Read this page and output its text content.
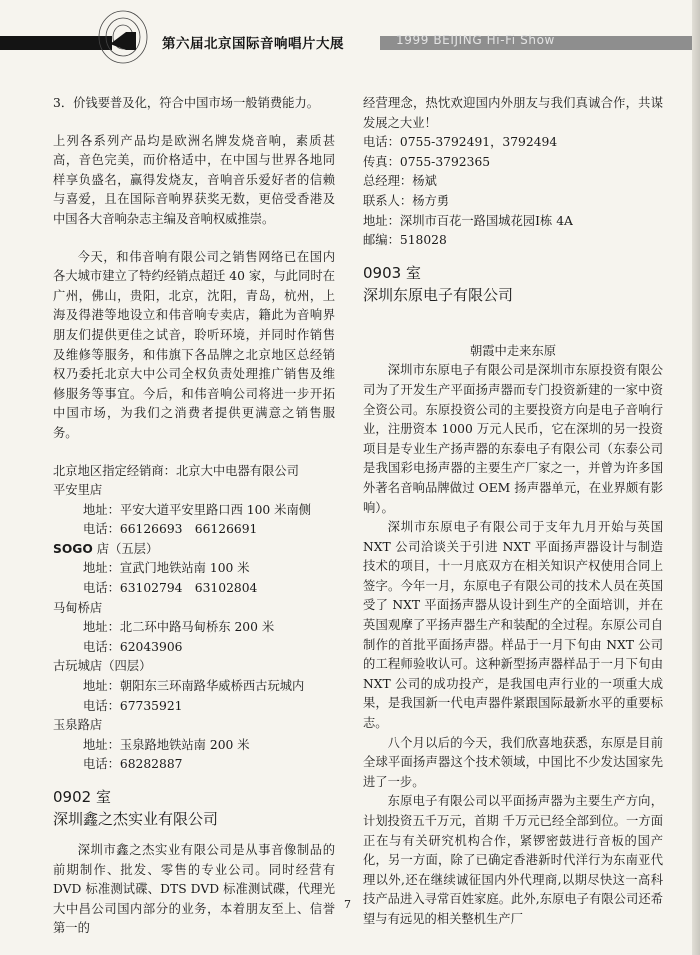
第六届北京国际音响唱片大展	1999 BEIJING Hi-Fi Show

3．价钱要普及化，符合中国市场一般销费能力。

上列各系列产品均是欧洲名牌发烧音响，素质甚高，音色完美，而价格适中，在中国与世界各地同样享负盛名，赢得发烧友，音响音乐爱好者的信赖与喜爱，且在国际音响界获奖无数，更倍受香港及中国各大音响杂志主编及音响权威推崇。

今天，和伟音响有限公司之销售网络已在国内各大城市建立了特约经销点超迁 40 家，与此同时在广州，佛山，贵阳，北京，沈阳，青岛，杭州，上海及得港等地设立和伟音响专卖店，籍此为音响界朋友们提供更佳之试音，聆听环境，并同时作销售及维修等服务，和伟旗下各品牌之北京地区总经销权乃委托北京大中公司全权负责处理推广销售及维修服务等事宜。今后，和伟音响公司将进一步开拓中国市场，为我们之消费者提供更满意之销售服务。

北京地区指定经销商：北京大中电器有限公司

平安里店

地址：平安大道平安里路口西 100 米南侧

电话：66126693　66126691

SOGO 店（五层）

地址：宣武门地铁站南 100 米

电话：63102794　63102804

马甸桥店

地址：北二环中路马甸桥东 200 米

电话：62043906

古玩城店（四层）

地址：朝阳东三环南路华威桥西古玩城内

电话：67735921

玉泉路店

地址：玉泉路地铁站南 200 米

电话：68282887

0902 室

深圳鑫之杰实业有限公司

深圳市鑫之杰实业有限公司是从事音像制品的前期制作、批发、零售的专业公司。同时经营有 DVD 标准测试碟、DTS DVD 标准测试碟，代理光大中昌公司国内部分的业务，本着朋友至上、信誉第一的

经营理念，热忱欢迎国内外朋友与我们真诚合作，共谋发展之大业！

电话：0755-3792491，3792494

传真：0755-3792365

总经理：杨斌

联系人：杨方勇

地址：深圳市百花一路国城花园Ⅰ栋 4A

邮编：518028

0903 室

深圳东原电子有限公司

朝霞中走来东原

深圳市东原电子有限公司是深圳市东原投资有限公司为了开发生产平面扬声器而专门投资新建的一家中资全资公司。东原投资公司的主要投资方向是电子音响行业，注册资本 1000 万元人民币，它在深圳的另一投资项目是专业生产扬声器的东泰电子有限公司（东泰公司 是我国彩电扬声器的主要生产厂家之一，并曾为许多国外著名音响品牌做过 OEM 扬声器单元，在业界颇有影响）。

深圳市东原电子有限公司于支年九月开始与英国 NXT 公司洽谈关于引进 NXT 平面扬声器设计与制造技术的项目，十一月底双方在相关知识产权使用合同上签字。今年一月，东原电子有限公司的技术人员在英国受了 NXT 平面扬声器从设计到生产的全面培训，并在英国观摩了平扬声器生产和装配的全过程。东原公司自制作的首批平面扬声器。样品于一月下旬由 NXT 公司的工程师验收认可。这种新型扬声器样品于一月下旬由 NXT 公司的成功投产，是我国电声行业的一项重大成果，是我国新一代电声器件紧跟国际最新水平的重要标志。

八个月以后的今天，我们欣喜地获悉，东原是目前全球平面扬声器这个技术领域，中国比不少发达国家先进了一步。

东原电子有限公司以平面扬声器为主要生产方向，计划投资五千万元，首期 千万元已经全部到位。一方面正在与有关研究机构合作，紧锣密鼓进行音板的国产化，另一方面，除了已确定香港新时代洋行为东南亚代理以外,还在继续诚征国内外代理商,以期尽快这一高科技产品进入寻常百姓家庭。此外,东原电子有限公司还希望与有远见的相关整机生产厂

7
